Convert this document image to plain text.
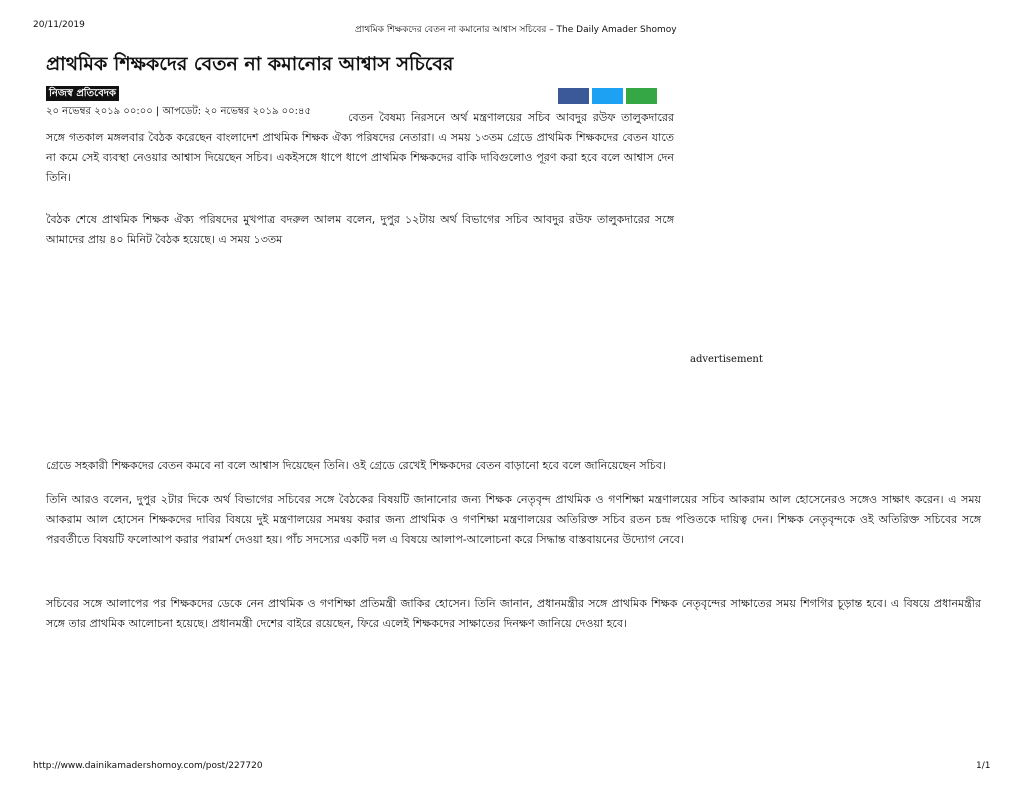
20/11/2019	প্রাথমিক শিক্ষকদের বেতন না কমানোর আশ্বাস সচিবের – The Daily Amader Shomoy
প্রাথমিক শিক্ষকদের বেতন না কমানোর আশ্বাস সচিবের
নিজস্ব প্রতিবেদক
২০ নভেম্বর ২০১৯ ০০:০০ | আপডেট: ২০ নভেম্বর ২০১৯ ০০:৪৫	বেতন বৈষম্য নিরসনে অর্থ মন্ত্রণালয়ের সচিব আবদুর রউফ তালুকদারের সঙ্গে গতকাল মঙ্গলবার বৈঠক করেছেন বাংলাদেশ প্রাথমিক শিক্ষক ঐক্য পরিষদের নেতারা। এ সময় ১৩তম গ্রেডে প্রাথমিক শিক্ষকদের বেতন যাতে না কমে সেই ব্যবস্থা নেওয়ার আশ্বাস দিয়েছেন সচিব। একইসঙ্গে ধাপে ধাপে প্রাথমিক শিক্ষকদের বাকি দাবিগুলোও পূরণ করা হবে বলে আশ্বাস দেন তিনি।
বৈঠক শেষে প্রাথমিক শিক্ষক ঐক্য পরিষদের মুখপাত্র বদরুল আলম বলেন, দুপুর ১২টায় অর্থ বিভাগের সচিব আবদুর রউফ তালুকদারের সঙ্গে আমাদের প্রায় ৪০ মিনিট বৈঠক হয়েছে। এ সময় ১৩তম
advertisement
গ্রেডে সহকারী শিক্ষকদের বেতন কমবে না বলে আশ্বাস দিয়েছেন তিনি। ওই গ্রেডে রেখেই শিক্ষকদের বেতন বাড়ানো হবে বলে জানিয়েছেন সচিব।
তিনি আরও বলেন, দুপুর ২টার দিকে অর্থ বিভাগের সচিবের সঙ্গে বৈঠকের বিষয়টি জানানোর জন্য শিক্ষক নেতৃবৃন্দ প্রাথমিক ও গণশিক্ষা মন্ত্রণালয়ের সচিব আকরাম আল হোসেনেরও সঙ্গেও সাক্ষাৎ করেন। এ সময় আকরাম আল হোসেন শিক্ষকদের দাবির বিষয়ে দুই মন্ত্রণালয়ের সমন্বয় করার জন্য প্রাথমিক ও গণশিক্ষা মন্ত্রণালয়ের অতিরিক্ত সচিব রতন চন্দ্র পণ্ডিতকে দায়িত্ব দেন। শিক্ষক নেতৃবৃন্দকে ওই অতিরিক্ত সচিবের সঙ্গে পরবর্তীতে বিষয়টি ফলোআপ করার পরামর্শ দেওয়া হয়। পাঁচ সদস্যের একটি দল এ বিষয়ে আলাপ-আলোচনা করে সিদ্ধান্ত বাস্তবায়নের উদ্যোগ নেবে।
সচিবের সঙ্গে আলাপের পর শিক্ষকদের ডেকে নেন প্রাথমিক ও গণশিক্ষা প্রতিমন্ত্রী জাকির হোসেন। তিনি জানান, প্রধানমন্ত্রীর সঙ্গে প্রাথমিক শিক্ষক নেতৃবৃন্দের সাক্ষাতের সময় শিগগির চূড়ান্ত হবে। এ বিষয়ে প্রধানমন্ত্রীর সঙ্গে তার প্রাথমিক আলোচনা হয়েছে। প্রধানমন্ত্রী দেশের বাইরে রয়েছেন, ফিরে এলেই শিক্ষকদের সাক্ষাতের দিনক্ষণ জানিয়ে দেওয়া হবে।
http://www.dainikamadershomoy.com/post/227720	1/1
